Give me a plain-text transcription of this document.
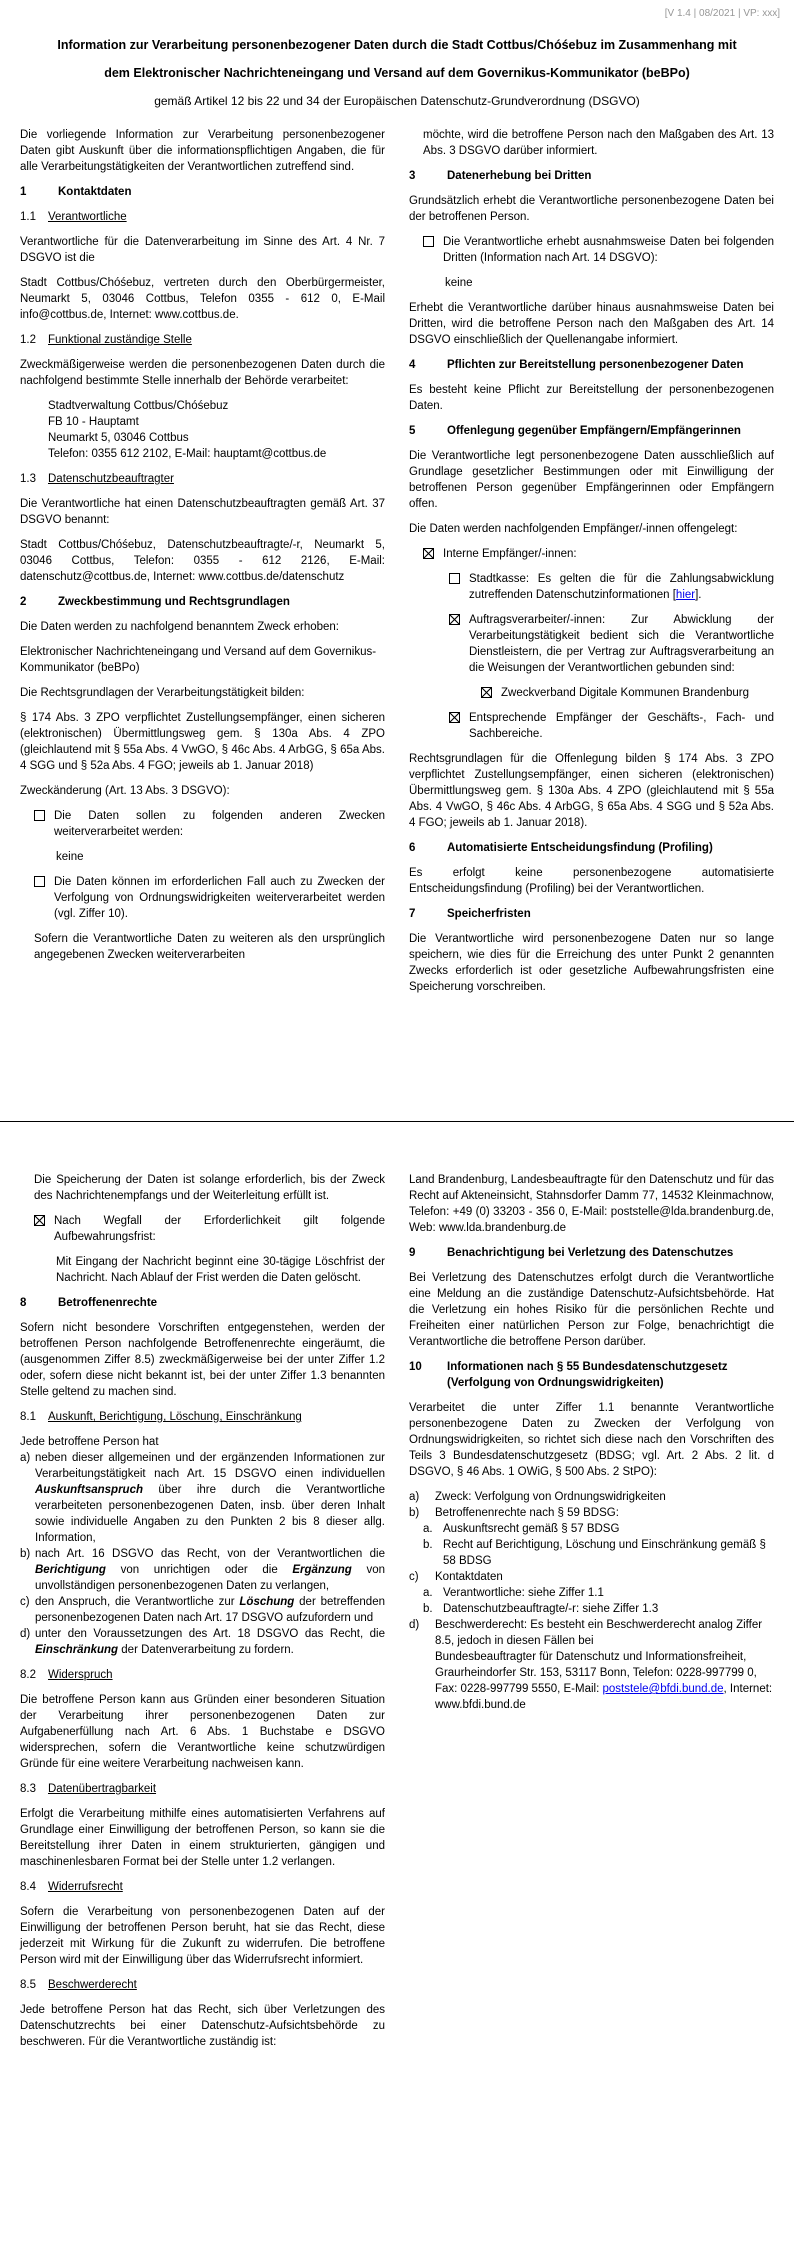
[V 1.4 | 08/2021 | VP: xxx]
Information zur Verarbeitung personenbezogener Daten durch die Stadt Cottbus/Chóśebuz im Zusammenhang mit
dem Elektronischer Nachrichteneingang und Versand auf dem Governikus-Kommunikator (beBPo)
gemäß Artikel 12 bis 22 und 34 der Europäischen Datenschutz-Grundverordnung (DSGVO)

Die vorliegende Information zur Verarbeitung personenbezogener Daten gibt Auskunft über die informationspflichtigen Angaben, die für alle Verarbeitungstätigkeiten der Verantwortlichen zutreffend sind.

1	Kontaktdaten
1.1	Verantwortliche

Verantwortliche für die Datenverarbeitung im Sinne des Art. 4 Nr. 7 DSGVO ist die

Stadt Cottbus/Chóśebuz, vertreten durch den Oberbürgermeister, Neumarkt 5, 03046 Cottbus, Telefon 0355 - 612 0, E-Mail info@cottbus.de, Internet: www.cottbus.de.

1.2	Funktional zuständige Stelle

Zweckmäßigerweise werden die personenbezogenen Daten durch die nachfolgend bestimmte Stelle innerhalb der Behörde verarbeitet:

Stadtverwaltung Cottbus/Chóśebuz
FB 10 - Hauptamt
Neumarkt 5, 03046 Cottbus
Telefon: 0355 612 2102, E-Mail: hauptamt@cottbus.de
1.3	Datenschutzbeauftragter

Die Verantwortliche hat einen Datenschutzbeauftragten gemäß Art. 37 DSGVO benannt:

Stadt Cottbus/Chóśebuz, Datenschutzbeauftragte/-r, Neumarkt 5, 03046 Cottbus, Telefon: 0355 - 612 2126, E-Mail: datenschutz@cottbus.de, Internet: www.cottbus.de/datenschutz

2	Zweckbestimmung und Rechtsgrundlagen

Die Daten werden zu nachfolgend benanntem Zweck erhoben:

Elektronischer Nachrichteneingang und Versand auf dem Governikus-Kommunikator (beBPo)

Die Rechtsgrundlagen der Verarbeitungstätigkeit bilden:

§ 174 Abs. 3 ZPO verpflichtet Zustellungsempfänger, einen sicheren (elektronischen) Übermittlungsweg gem. § 130a Abs. 4 ZPO (gleichlautend mit § 55a Abs. 4 VwGO, § 46c Abs. 4 ArbGG, § 65a Abs. 4 SGG und § 52a Abs. 4 FGO; jeweils ab 1. Januar 2018)

Zweckänderung (Art. 13 Abs. 3 DSGVO):

Die Daten sollen zu folgenden anderen Zwecken weiterverarbeitet werden:
keine
Die Daten können im erforderlichen Fall auch zu Zwecken der Verfolgung von Ordnungswidrigkeiten weiterverarbeitet werden (vgl. Ziffer 10).

Sofern die Verantwortliche Daten zu weiteren als den ursprünglich angegebenen Zwecken weiterverarbeiten

möchte, wird die betroffene Person nach den Maßgaben des Art. 13 Abs. 3 DSGVO darüber informiert.

3	Datenerhebung bei Dritten

Grundsätzlich erhebt die Verantwortliche personenbezogene Daten bei der betroffenen Person.

Die Verantwortliche erhebt ausnahmsweise Daten bei folgenden Dritten (Information nach Art. 14 DSGVO):
keine

Erhebt die Verantwortliche darüber hinaus ausnahmsweise Daten bei Dritten, wird die betroffene Person nach den Maßgaben des Art. 14 DSGVO einschließlich der Quellenangabe informiert.

4	Pflichten zur Bereitstellung personenbezogener Daten

Es besteht keine Pflicht zur Bereitstellung der personenbezogenen Daten.

5	Offenlegung gegenüber Empfängern/Empfängerinnen

Die Verantwortliche legt personenbezogene Daten ausschließlich auf Grundlage gesetzlicher Bestimmungen oder mit Einwilligung der betroffenen Person gegenüber Empfängerinnen oder Empfängern offen.

Die Daten werden nachfolgenden Empfänger/-innen offengelegt:

Interne Empfänger/-innen:
Stadtkasse: Es gelten die für die Zahlungsabwicklung zutreffenden Datenschutzinformationen [hier].
Auftragsverarbeiter/-innen: Zur Abwicklung der Verarbeitungstätigkeit bedient sich die Verantwortliche Dienstleistern, die per Vertrag zur Auftragsverarbeitung an die Weisungen der Verantwortlichen gebunden sind:
Zweckverband Digitale Kommunen Brandenburg
Entsprechende Empfänger der Geschäfts-, Fach- und Sachbereiche.

Rechtsgrundlagen für die Offenlegung bilden § 174 Abs. 3 ZPO verpflichtet Zustellungsempfänger, einen sicheren (elektronischen) Übermittlungsweg gem. § 130a Abs. 4 ZPO (gleichlautend mit § 55a Abs. 4 VwGO, § 46c Abs. 4 ArbGG, § 65a Abs. 4 SGG und § 52a Abs. 4 FGO; jeweils ab 1. Januar 2018).

6	Automatisierte Entscheidungsfindung (Profiling)

Es erfolgt keine personenbezogene automatisierte Entscheidungsfindung (Profiling) bei der Verantwortlichen.

7	Speicherfristen

Die Verantwortliche wird personenbezogene Daten nur so lange speichern, wie dies für die Erreichung des unter Punkt 2 genannten Zwecks erforderlich ist oder gesetzliche Aufbewahrungsfristen eine Speicherung vorschreiben.

Die Speicherung der Daten ist solange erforderlich, bis der Zweck des Nachrichtenempfangs und der Weiterleitung erfüllt ist.

Nach Wegfall der Erforderlichkeit gilt folgende Aufbewahrungsfrist:
Mit Eingang der Nachricht beginnt eine 30-tägige Löschfrist der Nachricht. Nach Ablauf der Frist werden die Daten gelöscht.
8	Betroffenenrechte

Sofern nicht besondere Vorschriften entgegenstehen, werden der betroffenen Person nachfolgende Betroffenenrechte eingeräumt, die (ausgenommen Ziffer 8.5) zweckmäßigerweise bei der unter Ziffer 1.2 oder, sofern diese nicht bekannt ist, bei der unter Ziffer 1.3 benannten Stelle geltend zu machen sind.

8.1	Auskunft, Berichtigung, Löschung, Einschränkung

Jede betroffene Person hat

a) neben dieser allgemeinen und der ergänzenden Informationen zur Verarbeitungstätigkeit nach Art. 15 DSGVO einen individuellen Auskunftsanspruch über ihre durch die Verantwortliche verarbeiteten personenbezogenen Daten, insb. über deren Inhalt sowie individuelle Angaben zu den Punkten 2 bis 8 dieser allg. Information,
b) nach Art. 16 DSGVO das Recht, von der Verantwortlichen die Berichtigung von unrichtigen oder die Ergänzung von unvollständigen personenbezogenen Daten zu verlangen,
c) den Anspruch, die Verantwortliche zur Löschung der betreffenden personenbezogenen Daten nach Art. 17 DSGVO aufzufordern und
d) unter den Voraussetzungen des Art. 18 DSGVO das Recht, die Einschränkung der Datenverarbeitung zu fordern.
8.2	Widerspruch

Die betroffene Person kann aus Gründen einer besonderen Situation der Verarbeitung ihrer personenbezogenen Daten zur Aufgabenerfüllung nach Art. 6 Abs. 1 Buchstabe e DSGVO widersprechen, sofern die Verantwortliche keine schutzwürdigen Gründe für eine weitere Verarbeitung nachweisen kann.

8.3	Datenübertragbarkeit

Erfolgt die Verarbeitung mithilfe eines automatisierten Verfahrens auf Grundlage einer Einwilligung der betroffenen Person, so kann sie die Bereitstellung ihrer Daten in einem strukturierten, gängigen und maschinenlesbaren Format bei der Stelle unter 1.2 verlangen.

8.4	Widerrufsrecht

Sofern die Verarbeitung von personenbezogenen Daten auf der Einwilligung der betroffenen Person beruht, hat sie das Recht, diese jederzeit mit Wirkung für die Zukunft zu widerrufen. Die betroffene Person wird mit der Einwilligung über das Widerrufsrecht informiert.

8.5	Beschwerderecht

Jede betroffene Person hat das Recht, sich über Verletzungen des Datenschutzrechts bei einer Datenschutz-Aufsichtsbehörde zu beschweren. Für die Verantwortliche zuständig ist:

Land Brandenburg, Landesbeauftragte für den Datenschutz und für das Recht auf Akteneinsicht, Stahnsdorfer Damm 77, 14532 Kleinmachnow, Telefon: +49 (0) 33203 - 356 0, E-Mail: poststelle@lda.brandenburg.de, Web: www.lda.brandenburg.de

9	Benachrichtigung bei Verletzung des Datenschutzes

Bei Verletzung des Datenschutzes erfolgt durch die Verantwortliche eine Meldung an die zuständige Datenschutz-Aufsichtsbehörde. Hat die Verletzung ein hohes Risiko für die persönlichen Rechte und Freiheiten einer natürlichen Person zur Folge, benachrichtigt die Verantwortliche die betroffene Person darüber.

10	Informationen nach § 55 Bundesdatenschutzgesetz (Verfolgung von Ordnungswidrigkeiten)

Verarbeitet die unter Ziffer 1.1 benannte Verantwortliche personenbezogene Daten zu Zwecken der Verfolgung von Ordnungswidrigkeiten, so richtet sich diese nach den Vorschriften des Teils 3 Bundesdatenschutzgesetz (BDSG; vgl. Art. 2 Abs. 2 lit. d DSGVO, § 46 Abs. 1 OWiG, § 500 Abs. 2 StPO):

a)	Zweck: Verfolgung von Ordnungswidrigkeiten
b)	Betroffenenrechte nach § 59 BDSG:
a. Auskunftsrecht gemäß § 57 BDSG
b. Recht auf Berichtigung, Löschung und Einschränkung gemäß § 58 BDSG
c)	Kontaktdaten
a. Verantwortliche: siehe Ziffer 1.1
b. Datenschutzbeauftragte/-r: siehe Ziffer 1.3
d)	Beschwerderecht: Es besteht ein Beschwerderecht analog Ziffer 8.5, jedoch in diesen Fällen bei
Bundesbeauftragter für Datenschutz und Informationsfreiheit, Graurheindorfer Str. 153, 53117 Bonn, Telefon: 0228-997799 0, Fax: 0228-997799 5550, E-Mail: poststele@bfdi.bund.de, Internet: www.bfdi.bund.de
